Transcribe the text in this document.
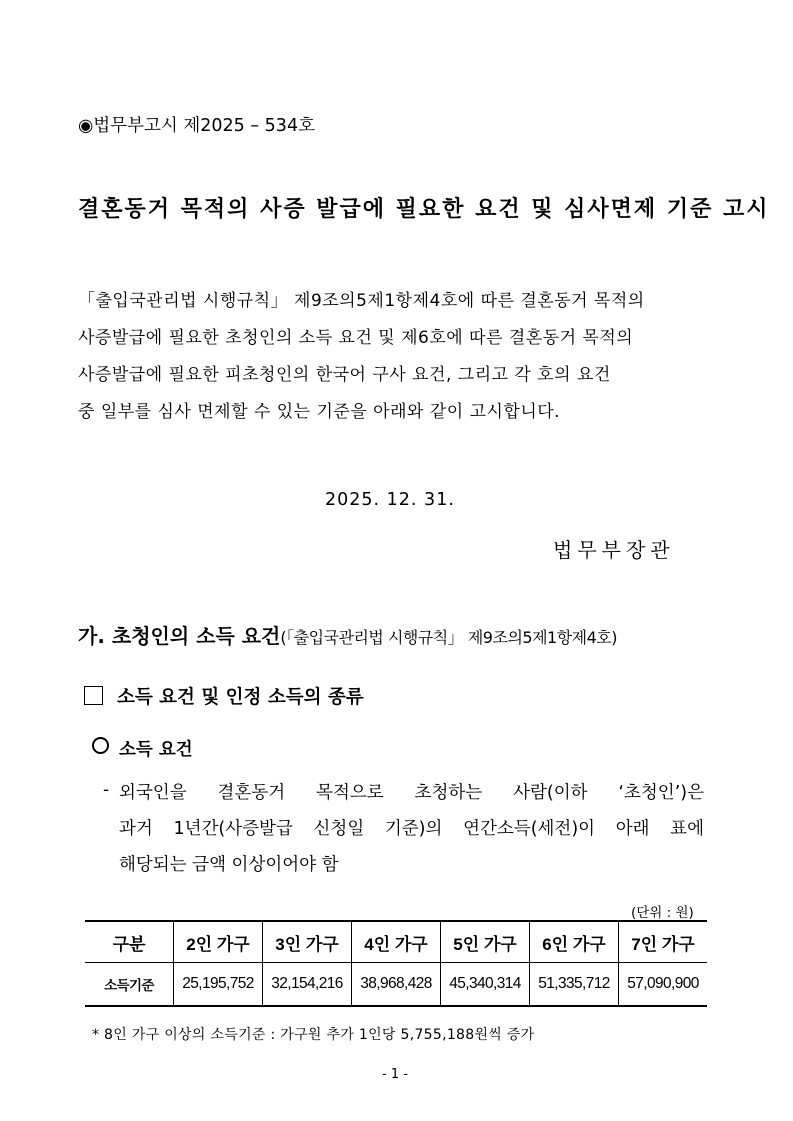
◉법무부고시 제2025 – 534호
결혼동거 목적의 사증 발급에 필요한 요건 및 심사면제 기준 고시
「출입국관리법 시행규칙」 제9조의5제1항제4호에 따른 결혼동거 목적의
사증발급에 필요한 초청인의 소득 요건 및 제6호에 따른 결혼동거 목적의
사증발급에 필요한 피초청인의 한국어 구사 요건, 그리고 각 호의 요건
중 일부를 심사 면제할 수 있는 기준을 아래와 같이 고시합니다.
2025. 12. 31.
법무부장관
가. 초청인의 소득 요건(「출입국관리법 시행규칙」 제9조의5제1항제4호)
소득 요건 및 인정 소득의 종류
소득 요건
- 외국인을 결혼동거 목적으로 초청하는 사람(이하 ‘초청인’)은
과거 1년간(사증발급 신청일 기준)의 연간소득(세전)이 아래 표에
해당되는 금액 이상이어야 함
(단위 : 원)
구분	2인 가구	3인 가구	4인 가구	5인 가구	6인 가구	7인 가구
소득기준	25,195,752	32,154,216	38,968,428	45,340,314	51,335,712	57,090,900
* 8인 가구 이상의 소득기준 : 가구원 추가 1인당 5,755,188원씩 증가
- 1 -
